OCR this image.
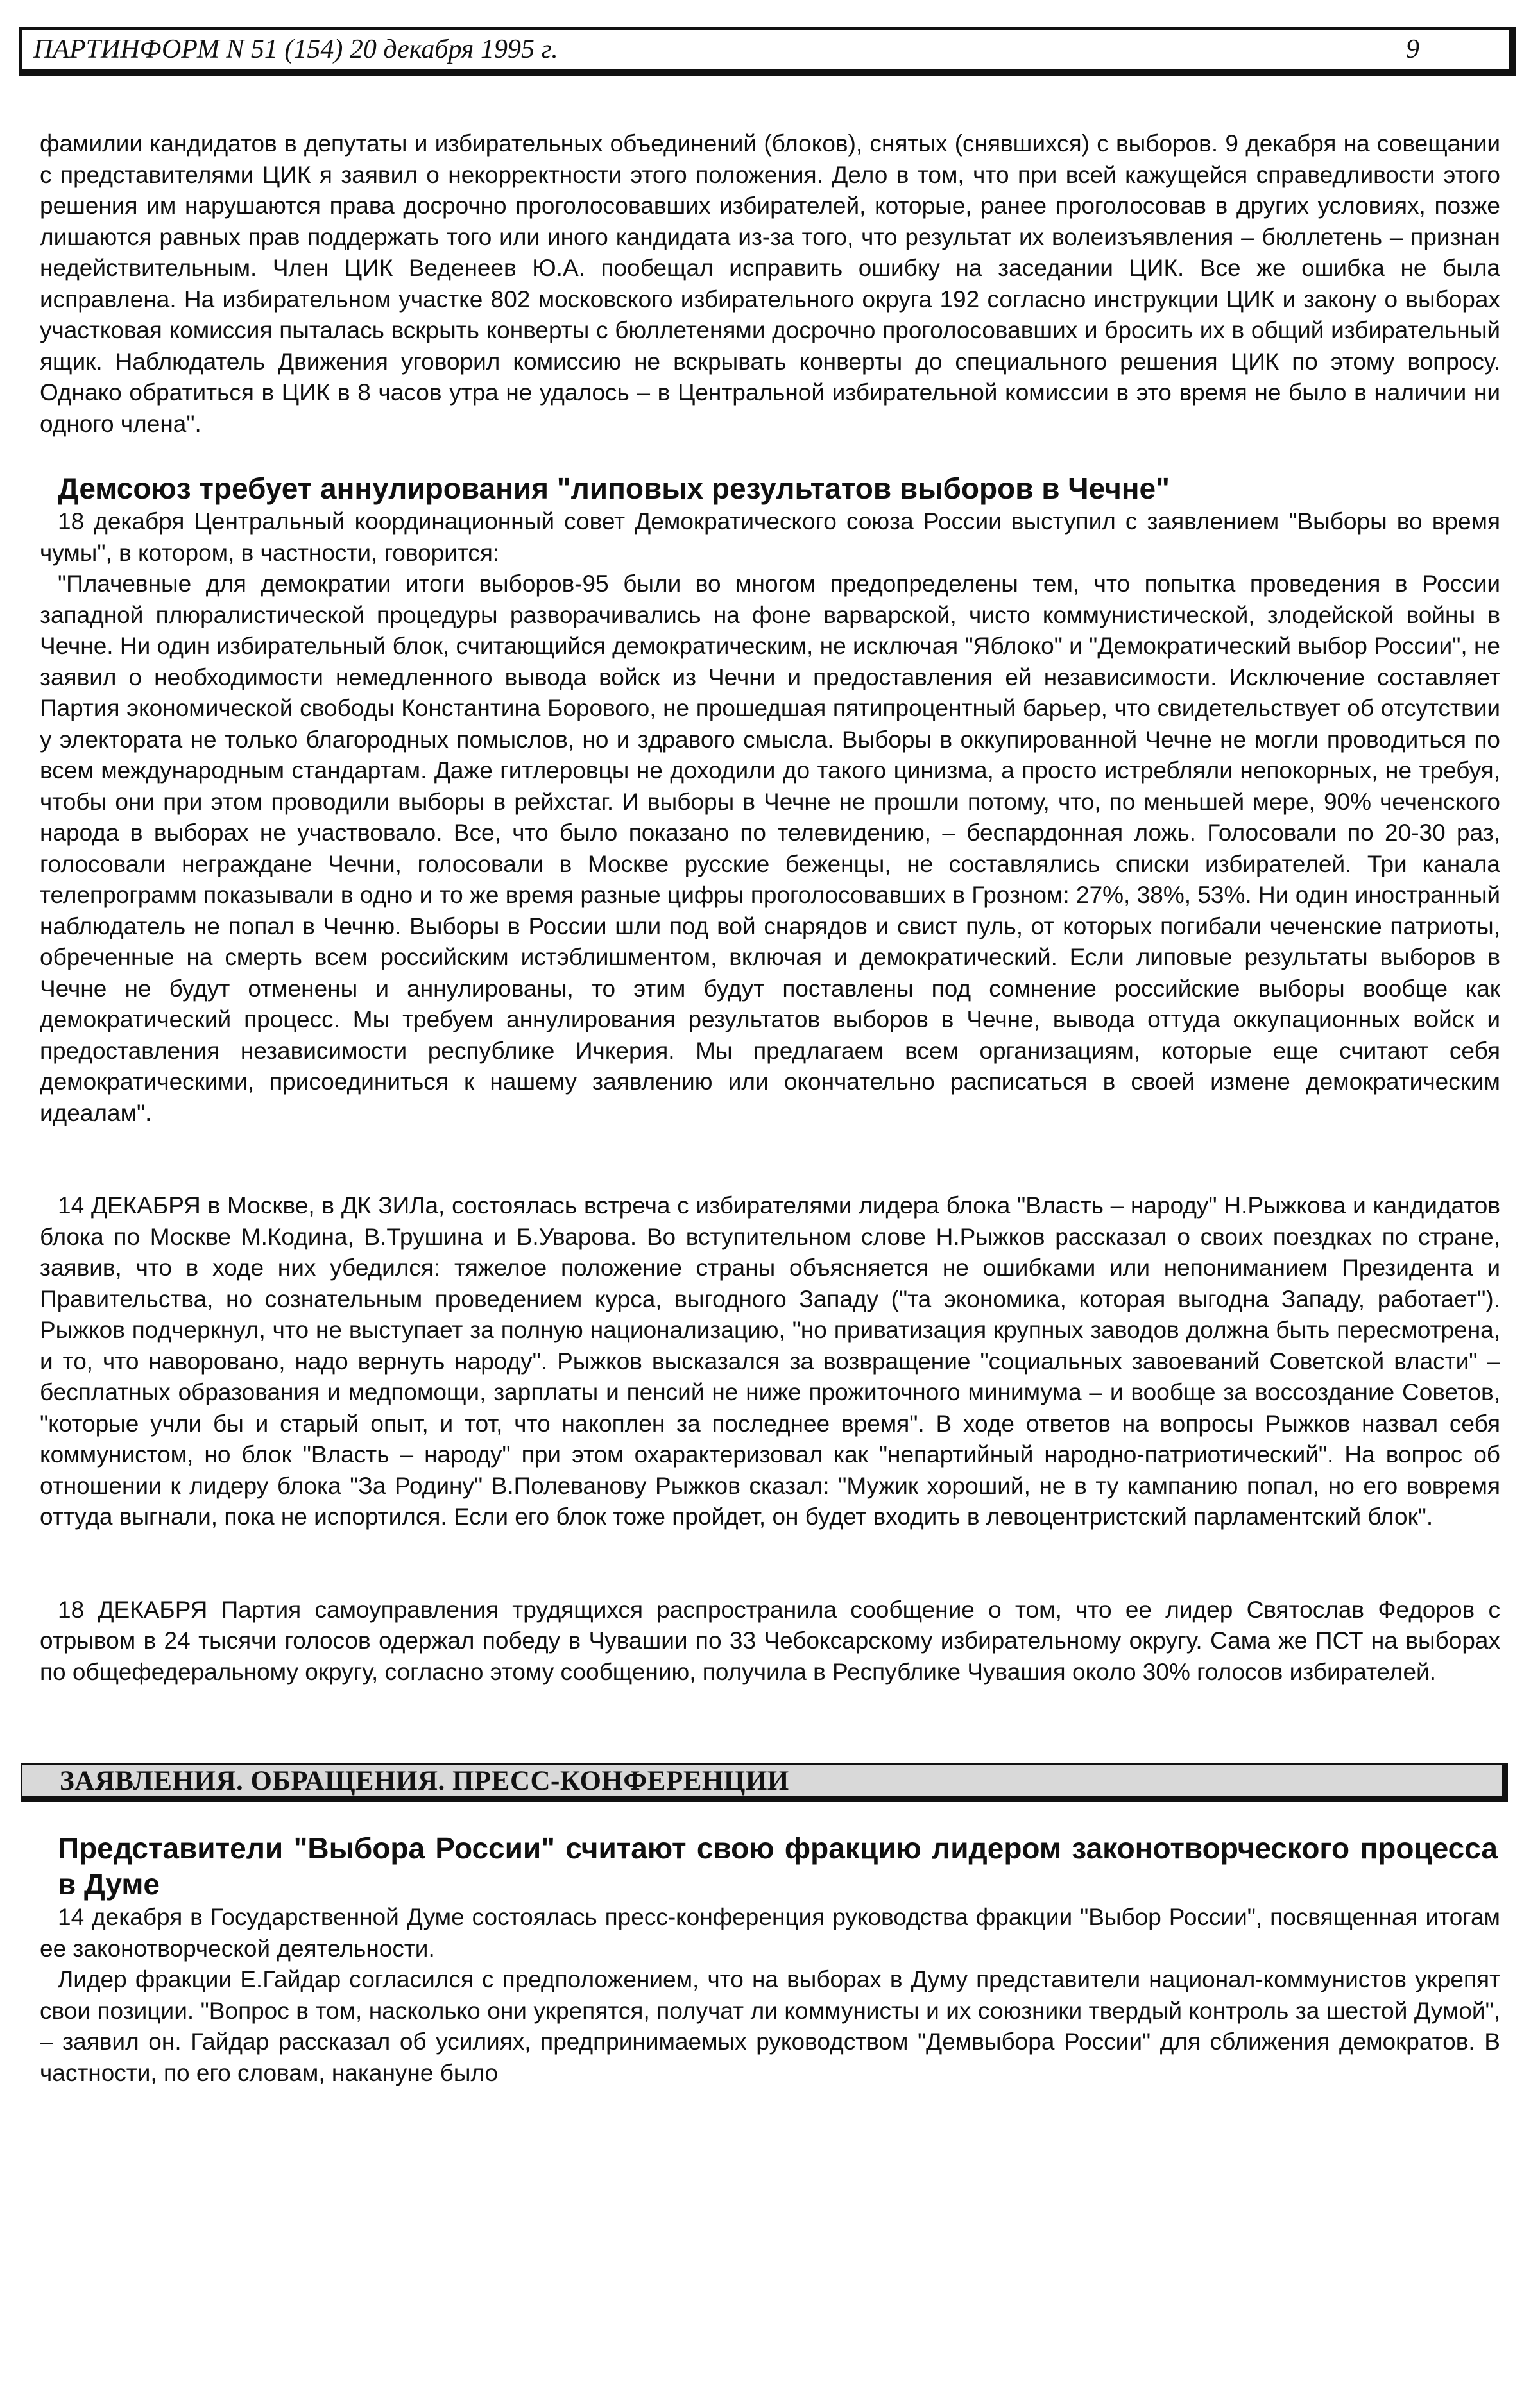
ПАРТИНФОРМ N 51 (154) 20 декабря 1995 г.	9

фамилии кандидатов в депутаты и избирательных объединений (блоков), снятых (снявшихся) с выборов. 9 декабря на совещании с представителями ЦИК я заявил о некорректности этого положения. Дело в том, что при всей кажущейся справедливости этого решения им нарушаются права досрочно проголосовавших избирателей, которые, ранее проголосовав в других условиях, позже лишаются равных прав поддержать того или иного кандидата из-за того, что результат их волеизъявления – бюллетень – признан недействительным. Член ЦИК Веденеев Ю.А. пообещал исправить ошибку на заседании ЦИК. Все же ошибка не была исправлена. На избирательном участке 802 московского избирательного округа 192 согласно инструкции ЦИК и закону о выборах участковая комиссия пыталась вскрыть конверты с бюллетенями досрочно проголосовавших и бросить их в общий избирательный ящик. Наблюдатель Движения уговорил комиссию не вскрывать конверты до специального решения ЦИК по этому вопросу. Однако обратиться в ЦИК в 8 часов утра не удалось – в Центральной избирательной комиссии в это время не было в наличии ни одного члена".

Демсоюз требует аннулирования "липовых результатов выборов в Чечне"

18 декабря Центральный координационный совет Демократического союза России выступил с заявлением "Выборы во время чумы", в котором, в частности, говорится:

"Плачевные для демократии итоги выборов-95 были во многом предопределены тем, что попытка проведения в России западной плюралистической процедуры разворачивались на фоне варварской, чисто коммунистической, злодейской войны в Чечне. Ни один избирательный блок, считающийся демократическим, не исключая "Яблоко" и "Демократический выбор России", не заявил о необходимости немедленного вывода войск из Чечни и предоставления ей независимости. Исключение составляет Партия экономической свободы Константина Борового, не прошедшая пятипроцентный барьер, что свидетельствует об отсутствии у электората не только благородных помыслов, но и здравого смысла. Выборы в оккупированной Чечне не могли проводиться по всем международным стандартам. Даже гитлеровцы не доходили до такого цинизма, а просто истребляли непокорных, не требуя, чтобы они при этом проводили выборы в рейхстаг. И выборы в Чечне не прошли потому, что, по меньшей мере, 90% чеченского народа в выборах не участвовало. Все, что было показано по телевидению, – беспардонная ложь. Голосовали по 20-30 раз, голосовали неграждане Чечни, голосовали в Москве русские беженцы, не составлялись списки избирателей. Три канала телепрограмм показывали в одно и то же время разные цифры проголосовавших в Грозном: 27%, 38%, 53%. Ни один иностранный наблюдатель не попал в Чечню. Выборы в России шли под вой снарядов и свист пуль, от которых погибали чеченские патриоты, обреченные на смерть всем российским истэблишментом, включая и демократический. Если липовые результаты выборов в Чечне не будут отменены и аннулированы, то этим будут поставлены под сомнение российские выборы вообще как демократический процесс. Мы требуем аннулирования результатов выборов в Чечне, вывода оттуда оккупационных войск и предоставления независимости республике Ичкерия. Мы предлагаем всем организациям, которые еще считают себя демократическими, присоединиться к нашему заявлению или окончательно расписаться в своей измене демократическим идеалам".

14 ДЕКАБРЯ в Москве, в ДК ЗИЛа, состоялась встреча с избирателями лидера блока "Власть – народу" Н.Рыжкова и кандидатов блока по Москве М.Кодина, В.Трушина и Б.Уварова. Во вступительном слове Н.Рыжков рассказал о своих поездках по стране, заявив, что в ходе них убедился: тяжелое положение страны объясняется не ошибками или непониманием Президента и Правительства, но сознательным проведением курса, выгодного Западу ("та экономика, которая выгодна Западу, работает"). Рыжков подчеркнул, что не выступает за полную национализацию, "но приватизация крупных заводов должна быть пересмотрена, и то, что наворовано, надо вернуть народу". Рыжков высказался за возвращение "социальных завоеваний Советской власти" – бесплатных образования и медпомощи, зарплаты и пенсий не ниже прожиточного минимума – и вообще за воссоздание Советов, "которые учли бы и старый опыт, и тот, что накоплен за последнее время". В ходе ответов на вопросы Рыжков назвал себя коммунистом, но блок "Власть – народу" при этом охарактеризовал как "непартийный народно-патриотический". На вопрос об отношении к лидеру блока "За Родину" В.Полеванову Рыжков сказал: "Мужик хороший, не в ту кампанию попал, но его вовремя оттуда выгнали, пока не испортился. Если его блок тоже пройдет, он будет входить в левоцентристский парламентский блок".

18 ДЕКАБРЯ Партия самоуправления трудящихся распространила сообщение о том, что ее лидер Святослав Федоров с отрывом в 24 тысячи голосов одержал победу в Чувашии по 33 Чебоксарскому избирательному округу. Сама же ПСТ на выборах по общефедеральному округу, согласно этому сообщению, получила в Республике Чувашия около 30% голосов избирателей.

ЗАЯВЛЕНИЯ. ОБРАЩЕНИЯ. ПРЕСС-КОНФЕРЕНЦИИ
Представители "Выбора России" считают свою фракцию лидером законотворческого процесса в Думе

14 декабря в Государственной Думе состоялась пресс-конференция руководства фракции "Выбор России", посвященная итогам ее законотворческой деятельности.

Лидер фракции Е.Гайдар согласился с предположением, что на выборах в Думу представители национал-коммунистов укрепят свои позиции. "Вопрос в том, насколько они укрепятся, получат ли коммунисты и их союзники твердый контроль за шестой Думой", – заявил он. Гайдар рассказал об усилиях, предпринимаемых руководством "Демвыбора России" для сближения демократов. В частности, по его словам, накануне было
